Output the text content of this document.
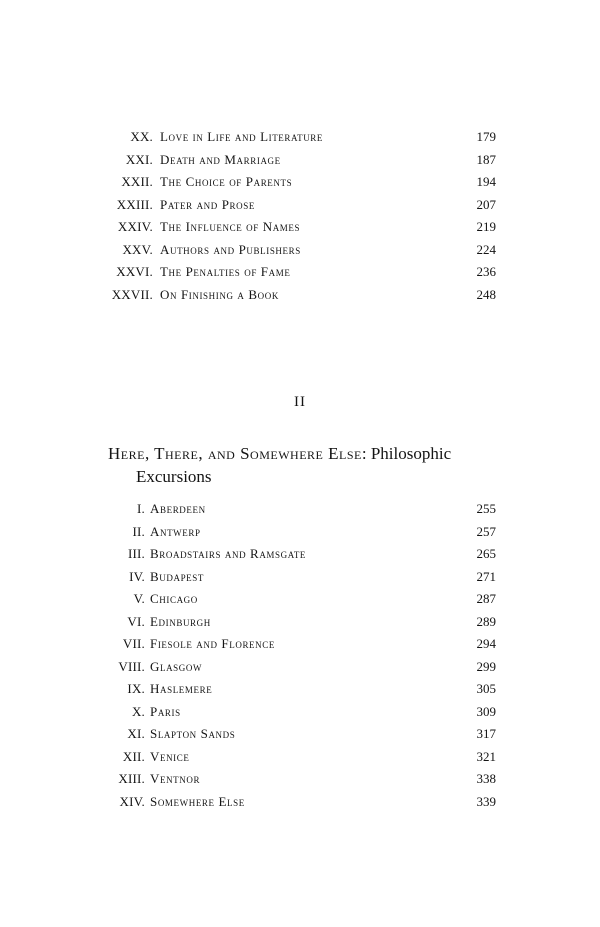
XX. Love in Life and Literature	179
XXI. Death and Marriage	187
XXII. The Choice of Parents	194
XXIII. Pater and Prose	207
XXIV. The Influence of Names	219
XXV. Authors and Publishers	224
XXVI. The Penalties of Fame	236
XXVII. On Finishing a Book	248
II
Here, There, and Somewhere Else: Philosophic
Excursions
I. Aberdeen	255
II. Antwerp	257
III. Broadstairs and Ramsgate	265
IV. Budapest	271
V. Chicago	287
VI. Edinburgh	289
VII. Fiesole and Florence	294
VIII. Glasgow	299
IX. Haslemere	305
X. Paris	309
XI. Slapton Sands	317
XII. Venice	321
XIII. Ventnor	338
XIV. Somewhere Else	339
